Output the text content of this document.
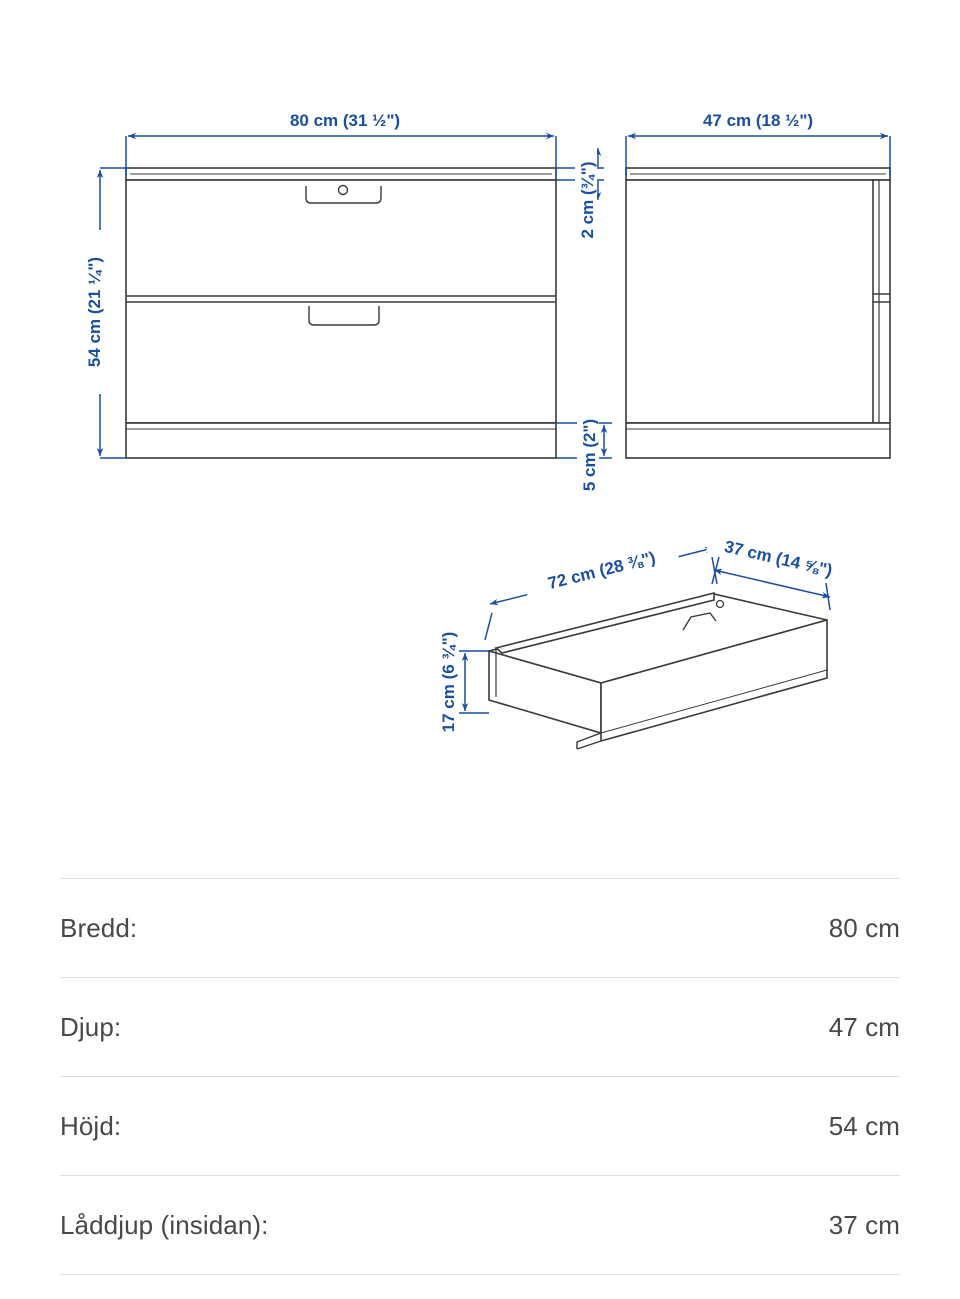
80 cm (31 ½")
54 cm (21 ¼")
2 cm (¾")
5 cm (2")
47 cm (18 ½")
72 cm (28 ⅜")	37 cm (14 ⅝")
17 cm (6 ¾")
Bredd:	80 cm
Djup:	47 cm
Höjd:	54 cm
Låddjup (insidan):	37 cm
